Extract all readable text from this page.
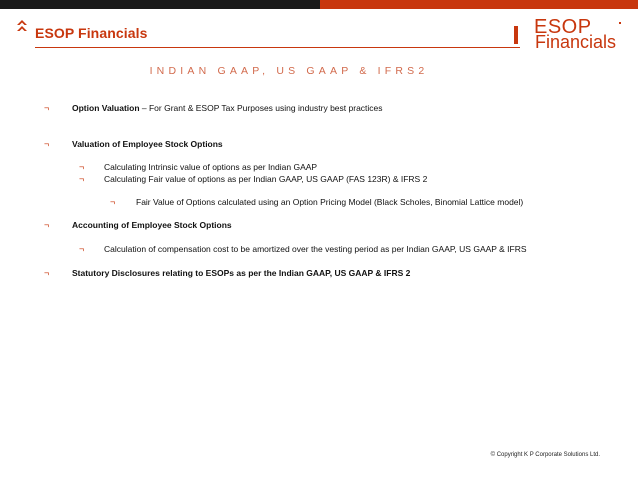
ESOP Financials	ESOP
Financials
INDIAN GAAP, US GAAP & IFRS2
¬	Option Valuation – For Grant & ESOP Tax Purposes using industry best practices
¬	Valuation of Employee Stock Options
¬ Calculating Intrinsic value of options as per Indian GAAP
¬ Calculating Fair value of options as per Indian GAAP, US GAAP (FAS 123R) & IFRS 2
¬ Fair Value of Options calculated using an Option Pricing Model (Black Scholes, Binomial Lattice model)
¬	Accounting of Employee Stock Options
¬ Calculation of compensation cost to be amortized over the vesting period as per Indian GAAP, US GAAP & IFRS
¬	Statutory Disclosures relating to ESOPs as per the Indian GAAP, US GAAP & IFRS 2
© Copyright K P Corporate Solutions Ltd.
